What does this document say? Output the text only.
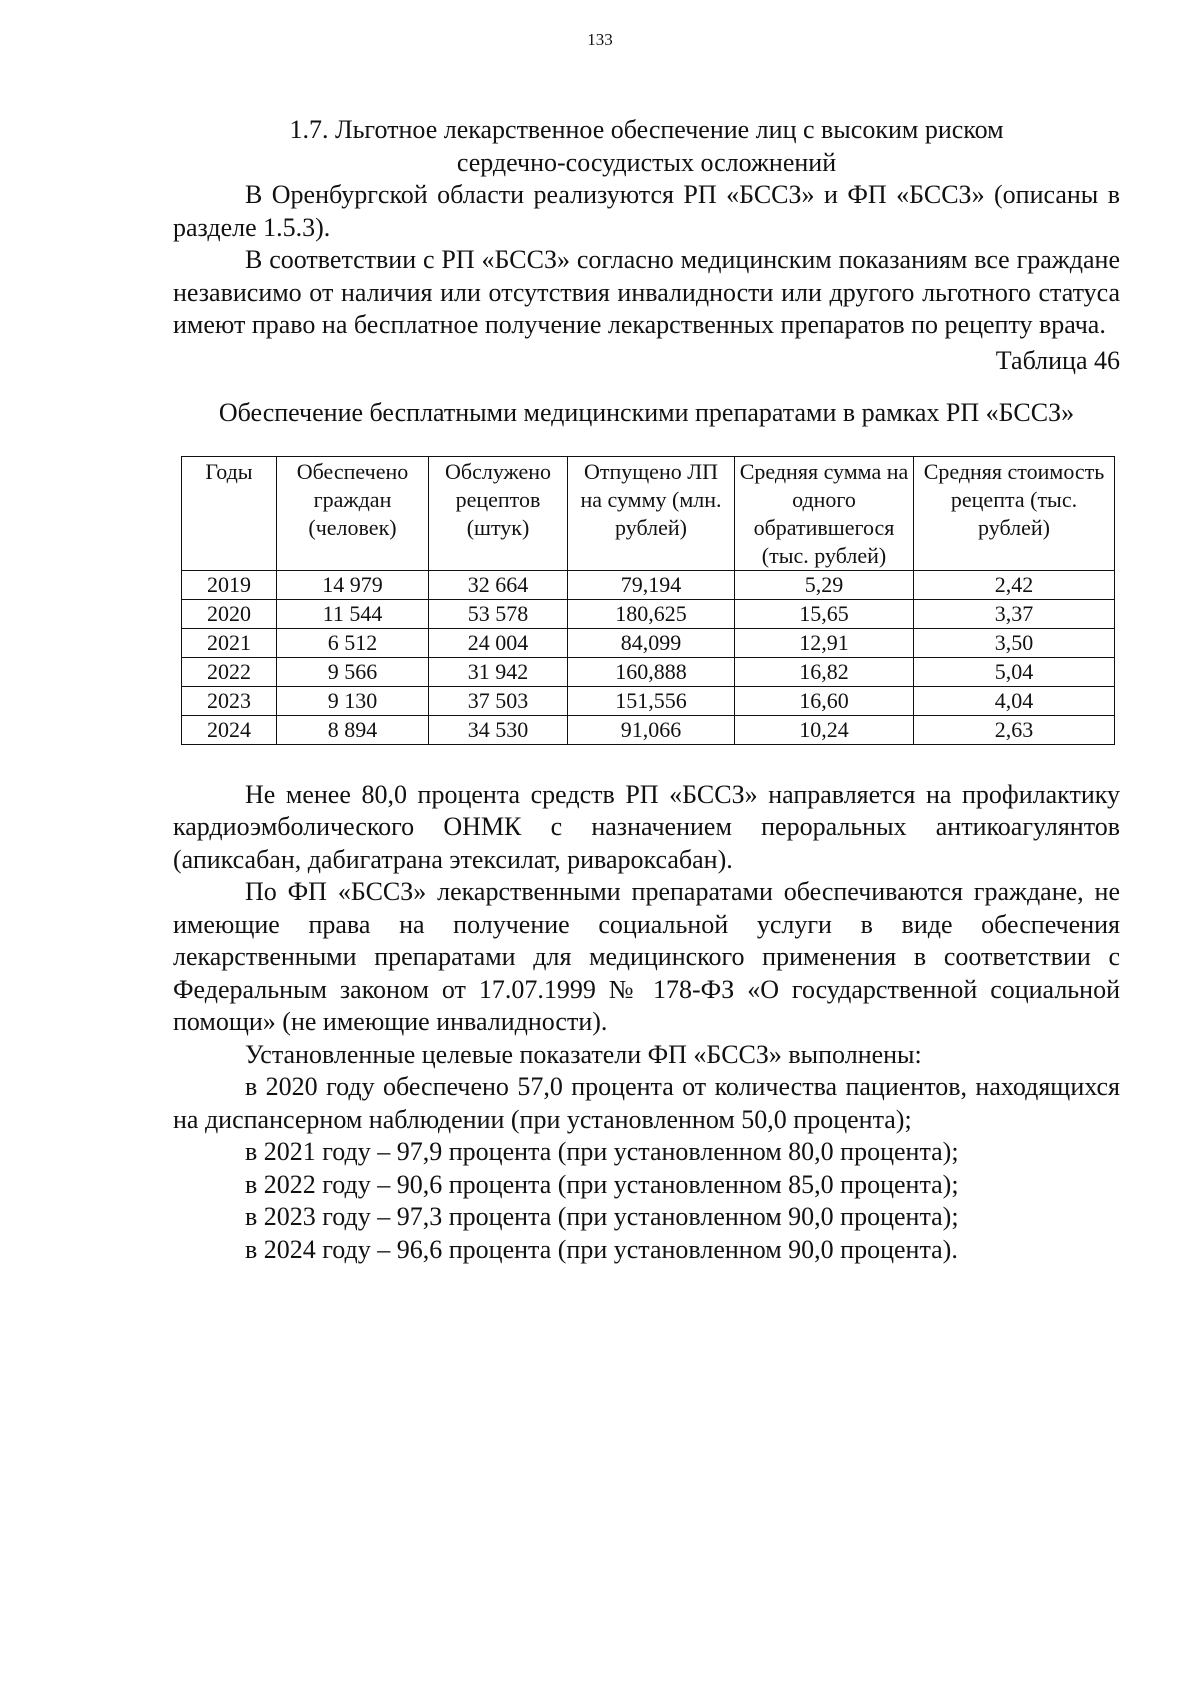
133
1.7. Льготное лекарственное обеспечение лиц с высоким риском
сердечно-сосудистых осложнений

В Оренбургской области реализуются РП «БССЗ» и ФП «БССЗ» (описаны в разделе 1.5.3).

В соответствии с РП «БССЗ» согласно медицинским показаниям все граждане независимо от наличия или отсутствия инвалидности или другого льготного статуса имеют право на бесплатное получение лекарственных препаратов по рецепту врача.

Таблица 46
Обеспечение бесплатными медицинскими препаратами в рамках РП «БССЗ»
Годы	Обеспечено граждан (человек)	Обслужено рецептов (штук)	Отпущено ЛП на сумму (млн. рублей)	Средняя сумма на одного обратившегося (тыс. рублей)	Средняя стоимость рецепта (тыс. рублей)
2019	14 979	32 664	79,194	5,29	2,42
2020	11 544	53 578	180,625	15,65	3,37
2021	6 512	24 004	84,099	12,91	3,50
2022	9 566	31 942	160,888	16,82	5,04
2023	9 130	37 503	151,556	16,60	4,04
2024	8 894	34 530	91,066	10,24	2,63

Не менее 80,0 процента средств РП «БССЗ» направляется на профилактику кардиоэмболического ОНМК с назначением пероральных антикоагулянтов (апиксабан, дабигатрана этексилат, ривароксабан).

По ФП «БССЗ» лекарственными препаратами обеспечиваются граждане, не имеющие права на получение социальной услуги в виде обеспечения лекарственными препаратами для медицинского применения в соответствии с Федеральным законом от 17.07.1999 № 178-ФЗ «О государственной социальной помощи» (не имеющие инвалидности).

Установленные целевые показатели ФП «БССЗ» выполнены:

в 2020 году обеспечено 57,0 процента от количества пациентов, находящихся на диспансерном наблюдении (при установленном 50,0 процента);

в 2021 году – 97,9 процента (при установленном 80,0 процента);

в 2022 году – 90,6 процента (при установленном 85,0 процента);

в 2023 году – 97,3 процента (при установленном 90,0 процента);

в 2024 году – 96,6 процента (при установленном 90,0 процента).
